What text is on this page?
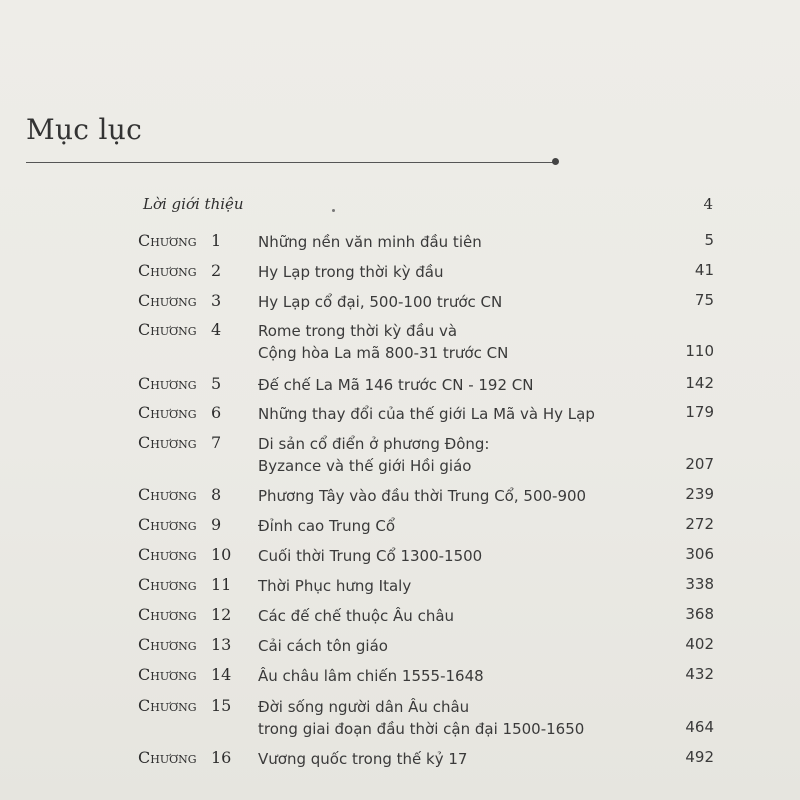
Mục lục
Lời giới thiệu	4
Chương 1 Những nền văn minh đầu tiên	5
Chương 2 Hy Lạp trong thời kỳ đầu	41
Chương 3 Hy Lạp cổ đại, 500-100 trước CN	75
Chương 4 Rome trong thời kỳ đầu và
Cộng hòa La mã 800-31 trước CN	110
Chương 5 Đế chế La Mã 146 trước CN - 192 CN	142
Chương 6 Những thay đổi của thế giới La Mã và Hy Lạp	179
Chương 7 Di sản cổ điển ở phương Đông:
Byzance và thế giới Hồi giáo	207
Chương 8 Phương Tây vào đầu thời Trung Cổ, 500-900	239
Chương 9 Đỉnh cao Trung Cổ	272
Chương 10 Cuối thời Trung Cổ 1300-1500	306
Chương 11 Thời Phục hưng Italy	338
Chương 12 Các đế chế thuộc Âu châu	368
Chương 13 Cải cách tôn giáo	402
Chương 14 Âu châu lâm chiến 1555-1648	432
Chương 15 Đời sống người dân Âu châu
trong giai đoạn đầu thời cận đại 1500-1650	464
Chương 16 Vương quốc trong thế kỷ 17	492
